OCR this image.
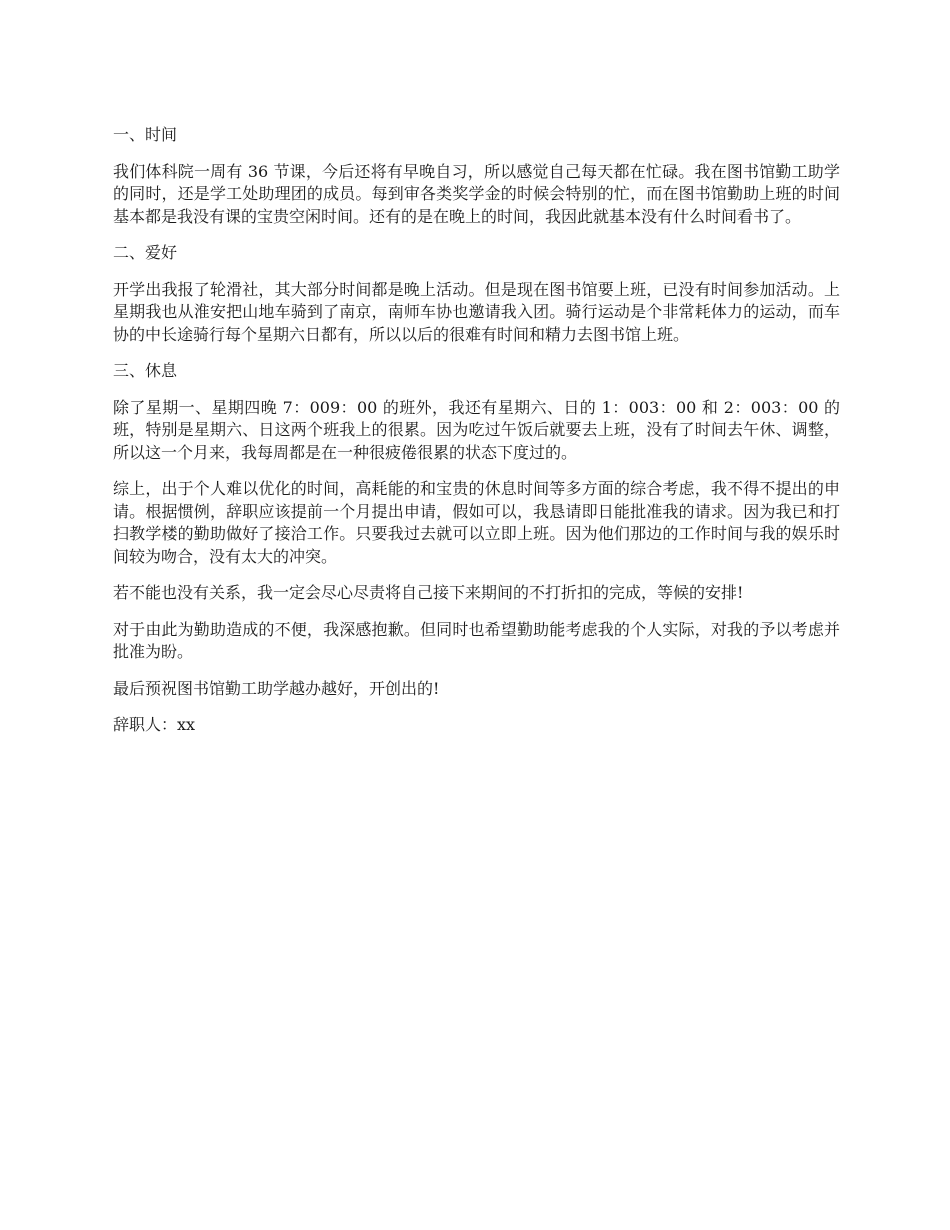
一、时间

我们体科院一周有 36 节课，今后还将有早晚自习，所以感觉自己每天都在忙碌。我在图书馆勤工助学的同时，还是学工处助理团的成员。每到审各类奖学金的时候会特别的忙，而在图书馆勤助上班的时间基本都是我没有课的宝贵空闲时间。还有的是在晚上的时间，我因此就基本没有什么时间看书了。

二、爱好

开学出我报了轮滑社，其大部分时间都是晚上活动。但是现在图书馆要上班，已没有时间参加活动。上星期我也从淮安把山地车骑到了南京，南师车协也邀请我入团。骑行运动是个非常耗体力的运动，而车协的中长途骑行每个星期六日都有，所以以后的很难有时间和精力去图书馆上班。

三、休息

除了星期一、星期四晚 7：009：00 的班外，我还有星期六、日的 1：003：00 和 2：003：00 的班，特别是星期六、日这两个班我上的很累。因为吃过午饭后就要去上班，没有了时间去午休、调整，所以这一个月来，我每周都是在一种很疲倦很累的状态下度过的。

综上，出于个人难以优化的时间，高耗能的和宝贵的休息时间等多方面的综合考虑，我不得不提出的申请。根据惯例，辞职应该提前一个月提出申请，假如可以，我恳请即日能批准我的请求。因为我已和打扫教学楼的勤助做好了接洽工作。只要我过去就可以立即上班。因为他们那边的工作时间与我的娱乐时间较为吻合，没有太大的冲突。

若不能也没有关系，我一定会尽心尽责将自己接下来期间的不打折扣的完成，等候的安排!

对于由此为勤助造成的不便，我深感抱歉。但同时也希望勤助能考虑我的个人实际，对我的予以考虑并批准为盼。

最后预祝图书馆勤工助学越办越好，开创出的!

辞职人：xx
